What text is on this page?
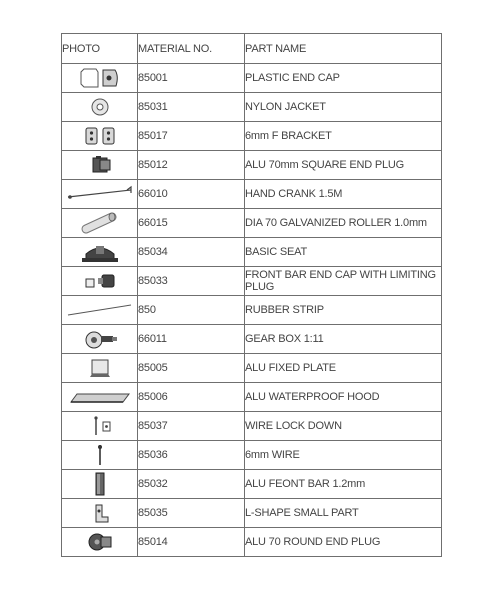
PHOTO	MATERIAL NO.	PART NAME

	85001	PLASTIC END CAP

	85031	NYLON JACKET

	85017	6mm F BRACKET

	85012	ALU 70mm SQUARE END PLUG

	66010	HAND CRANK 1.5M

	66015	DIA 70 GALVANIZED ROLLER 1.0mm

	85034	BASIC SEAT

	85033	FRONT BAR END CAP WITH LIMITING PLUG

	850	RUBBER STRIP

	66011	GEAR BOX 1:11

	85005	ALU FIXED PLATE

	85006	ALU WATERPROOF HOOD

	85037	WIRE LOCK DOWN

	85036	6mm WIRE

	85032	ALU FEONT BAR 1.2mm

	85035	L-SHAPE SMALL PART

	85014	ALU 70 ROUND END PLUG
